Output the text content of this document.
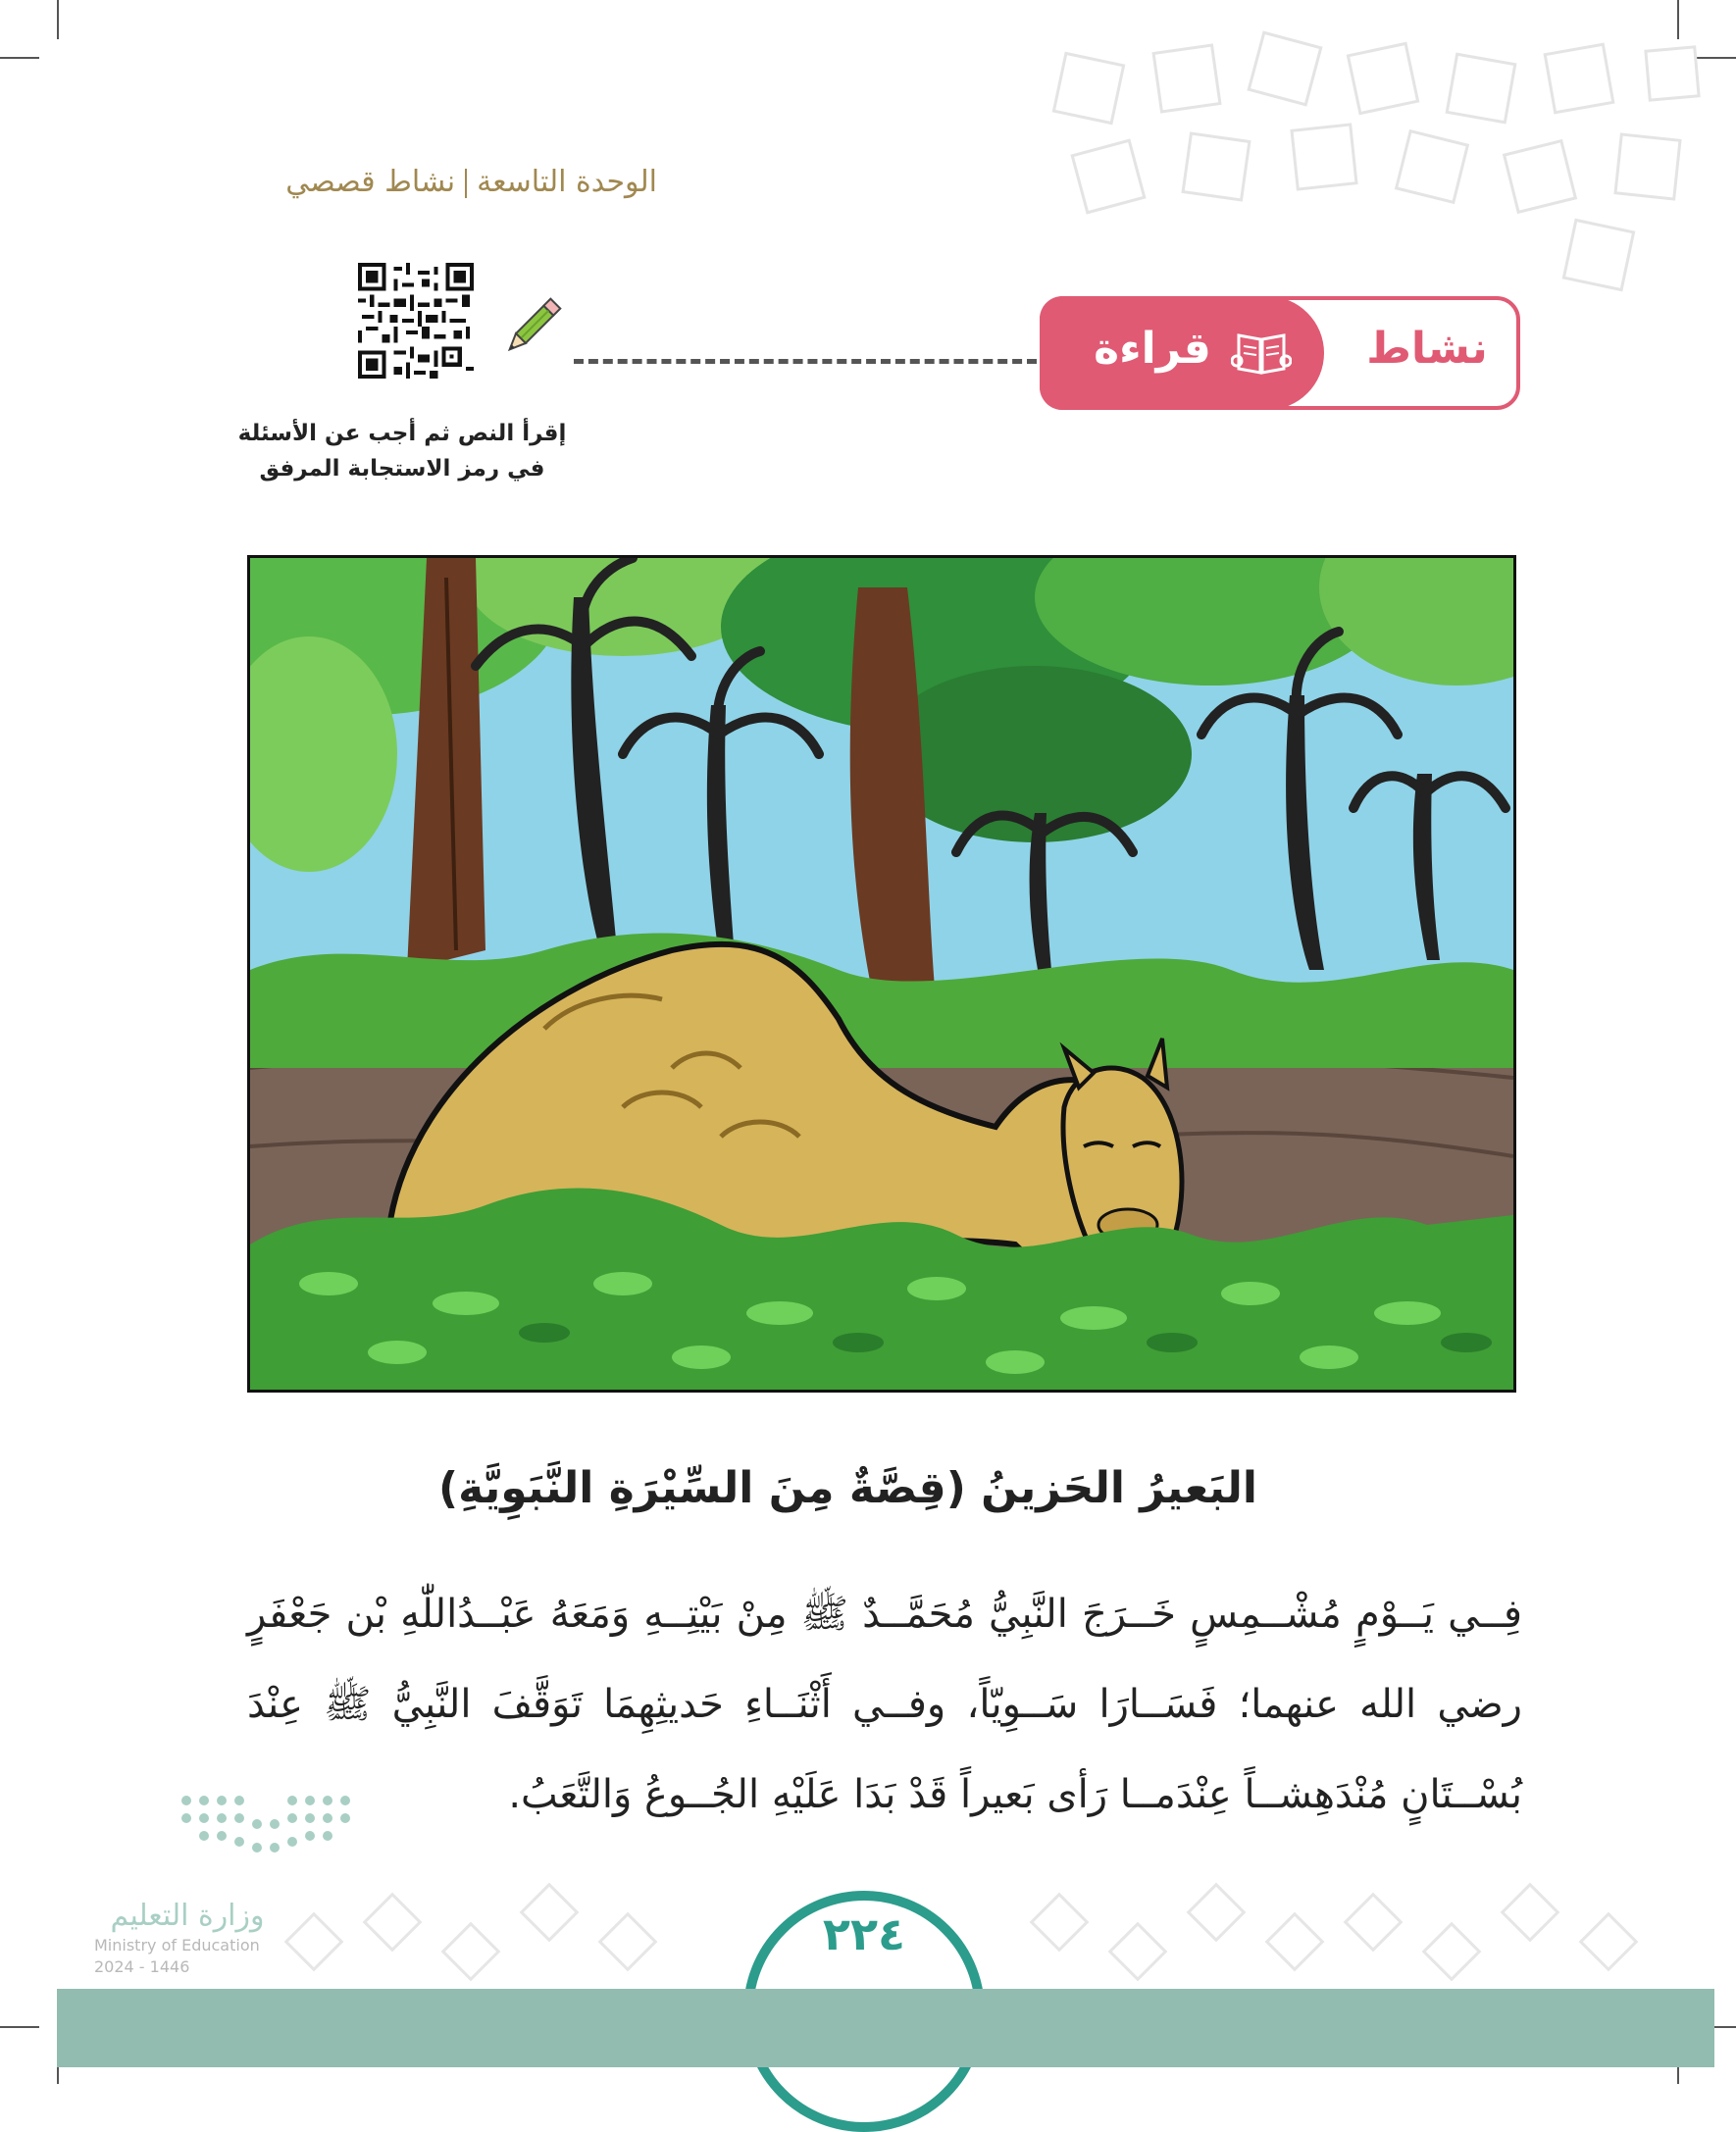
الوحدة التاسعةنشاط قصصي
نشاط
قراءة
إقرأ النص ثم أجب عن الأسئلة
في رمز الاستجابة المرفق
البَعيرُ الحَزينُ (قِصَّةٌ مِنَ السِّيْرَةِ النَّبَوِيَّةِ)
فِــي يَــوْمٍ مُشْــمِسٍ خَــرَجَ النَّبِيُّ مُحَمَّــدٌ ﷺ مِنْ بَيْتِــهِ وَمَعَهُ عَبْــدُاللّٰهِ بْن جَعْفَرٍ رضي الله عنهما؛ فَسَــارَا سَــوِيّاً، وفــي أَثْنَــاءِ حَديثِهِمَا تَوَقَّفَ النَّبِيُّ ﷺ عِنْدَ بُسْــتَانٍ مُنْدَهِشــاً عِنْدَمــا رَأى بَعيراً قَدْ بَدَا عَلَيْهِ الجُــوعُ وَالتَّعَبُ.
٢٢٤
وزارة التعليم
Ministry of Education
2024 - 1446
